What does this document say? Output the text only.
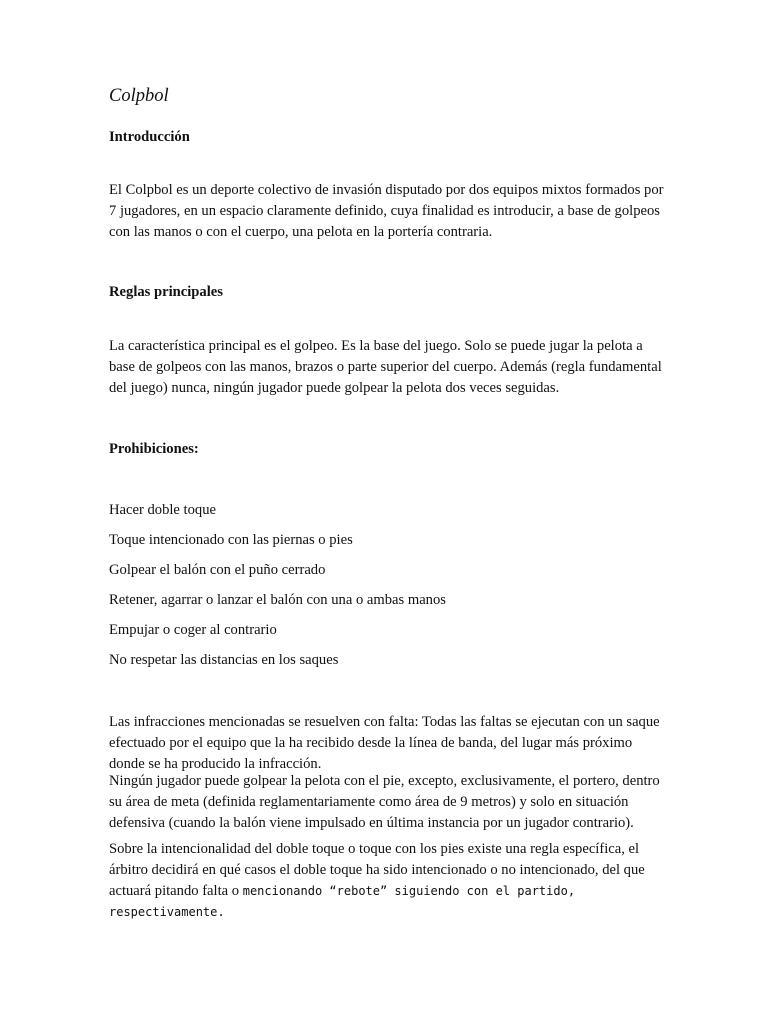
Colpbol
Introducción

El Colpbol es un deporte colectivo de invasión disputado por dos equipos mixtos formados por 7 jugadores, en un espacio claramente definido, cuya finalidad es introducir, a base de golpeos con las manos o con el cuerpo, una pelota en la portería contraria.

Reglas principales

La característica principal es el golpeo. Es la base del juego. Solo se puede jugar la pelota a base de golpeos con las manos, brazos o parte superior del cuerpo. Además (regla fundamental del juego) nunca, ningún jugador puede golpear la pelota dos veces seguidas.

Prohibiciones:

Hacer doble toque

Toque intencionado con las piernas o pies

Golpear el balón con el puño cerrado

Retener, agarrar o lanzar el balón con una o ambas manos

Empujar o coger al contrario

No respetar las distancias en los saques

Las infracciones mencionadas se resuelven con falta: Todas las faltas se ejecutan con un saque efectuado por el equipo que la ha recibido desde la línea de banda, del lugar más próximo donde se ha producido la infracción.

Ningún jugador puede golpear la pelota con el pie, excepto, exclusivamente, el portero, dentro su área de meta (definida reglamentariamente como área de 9 metros) y solo en situación defensiva (cuando la balón viene impulsado en última instancia por un jugador contrario).

Sobre la intencionalidad del doble toque o toque con los pies existe una regla específica, el árbitro decidirá en qué casos el doble toque ha sido intencionado o no intencionado, del que actuará pitando falta o mencionando “rebote” siguiendo con el partido, respectivamente.
